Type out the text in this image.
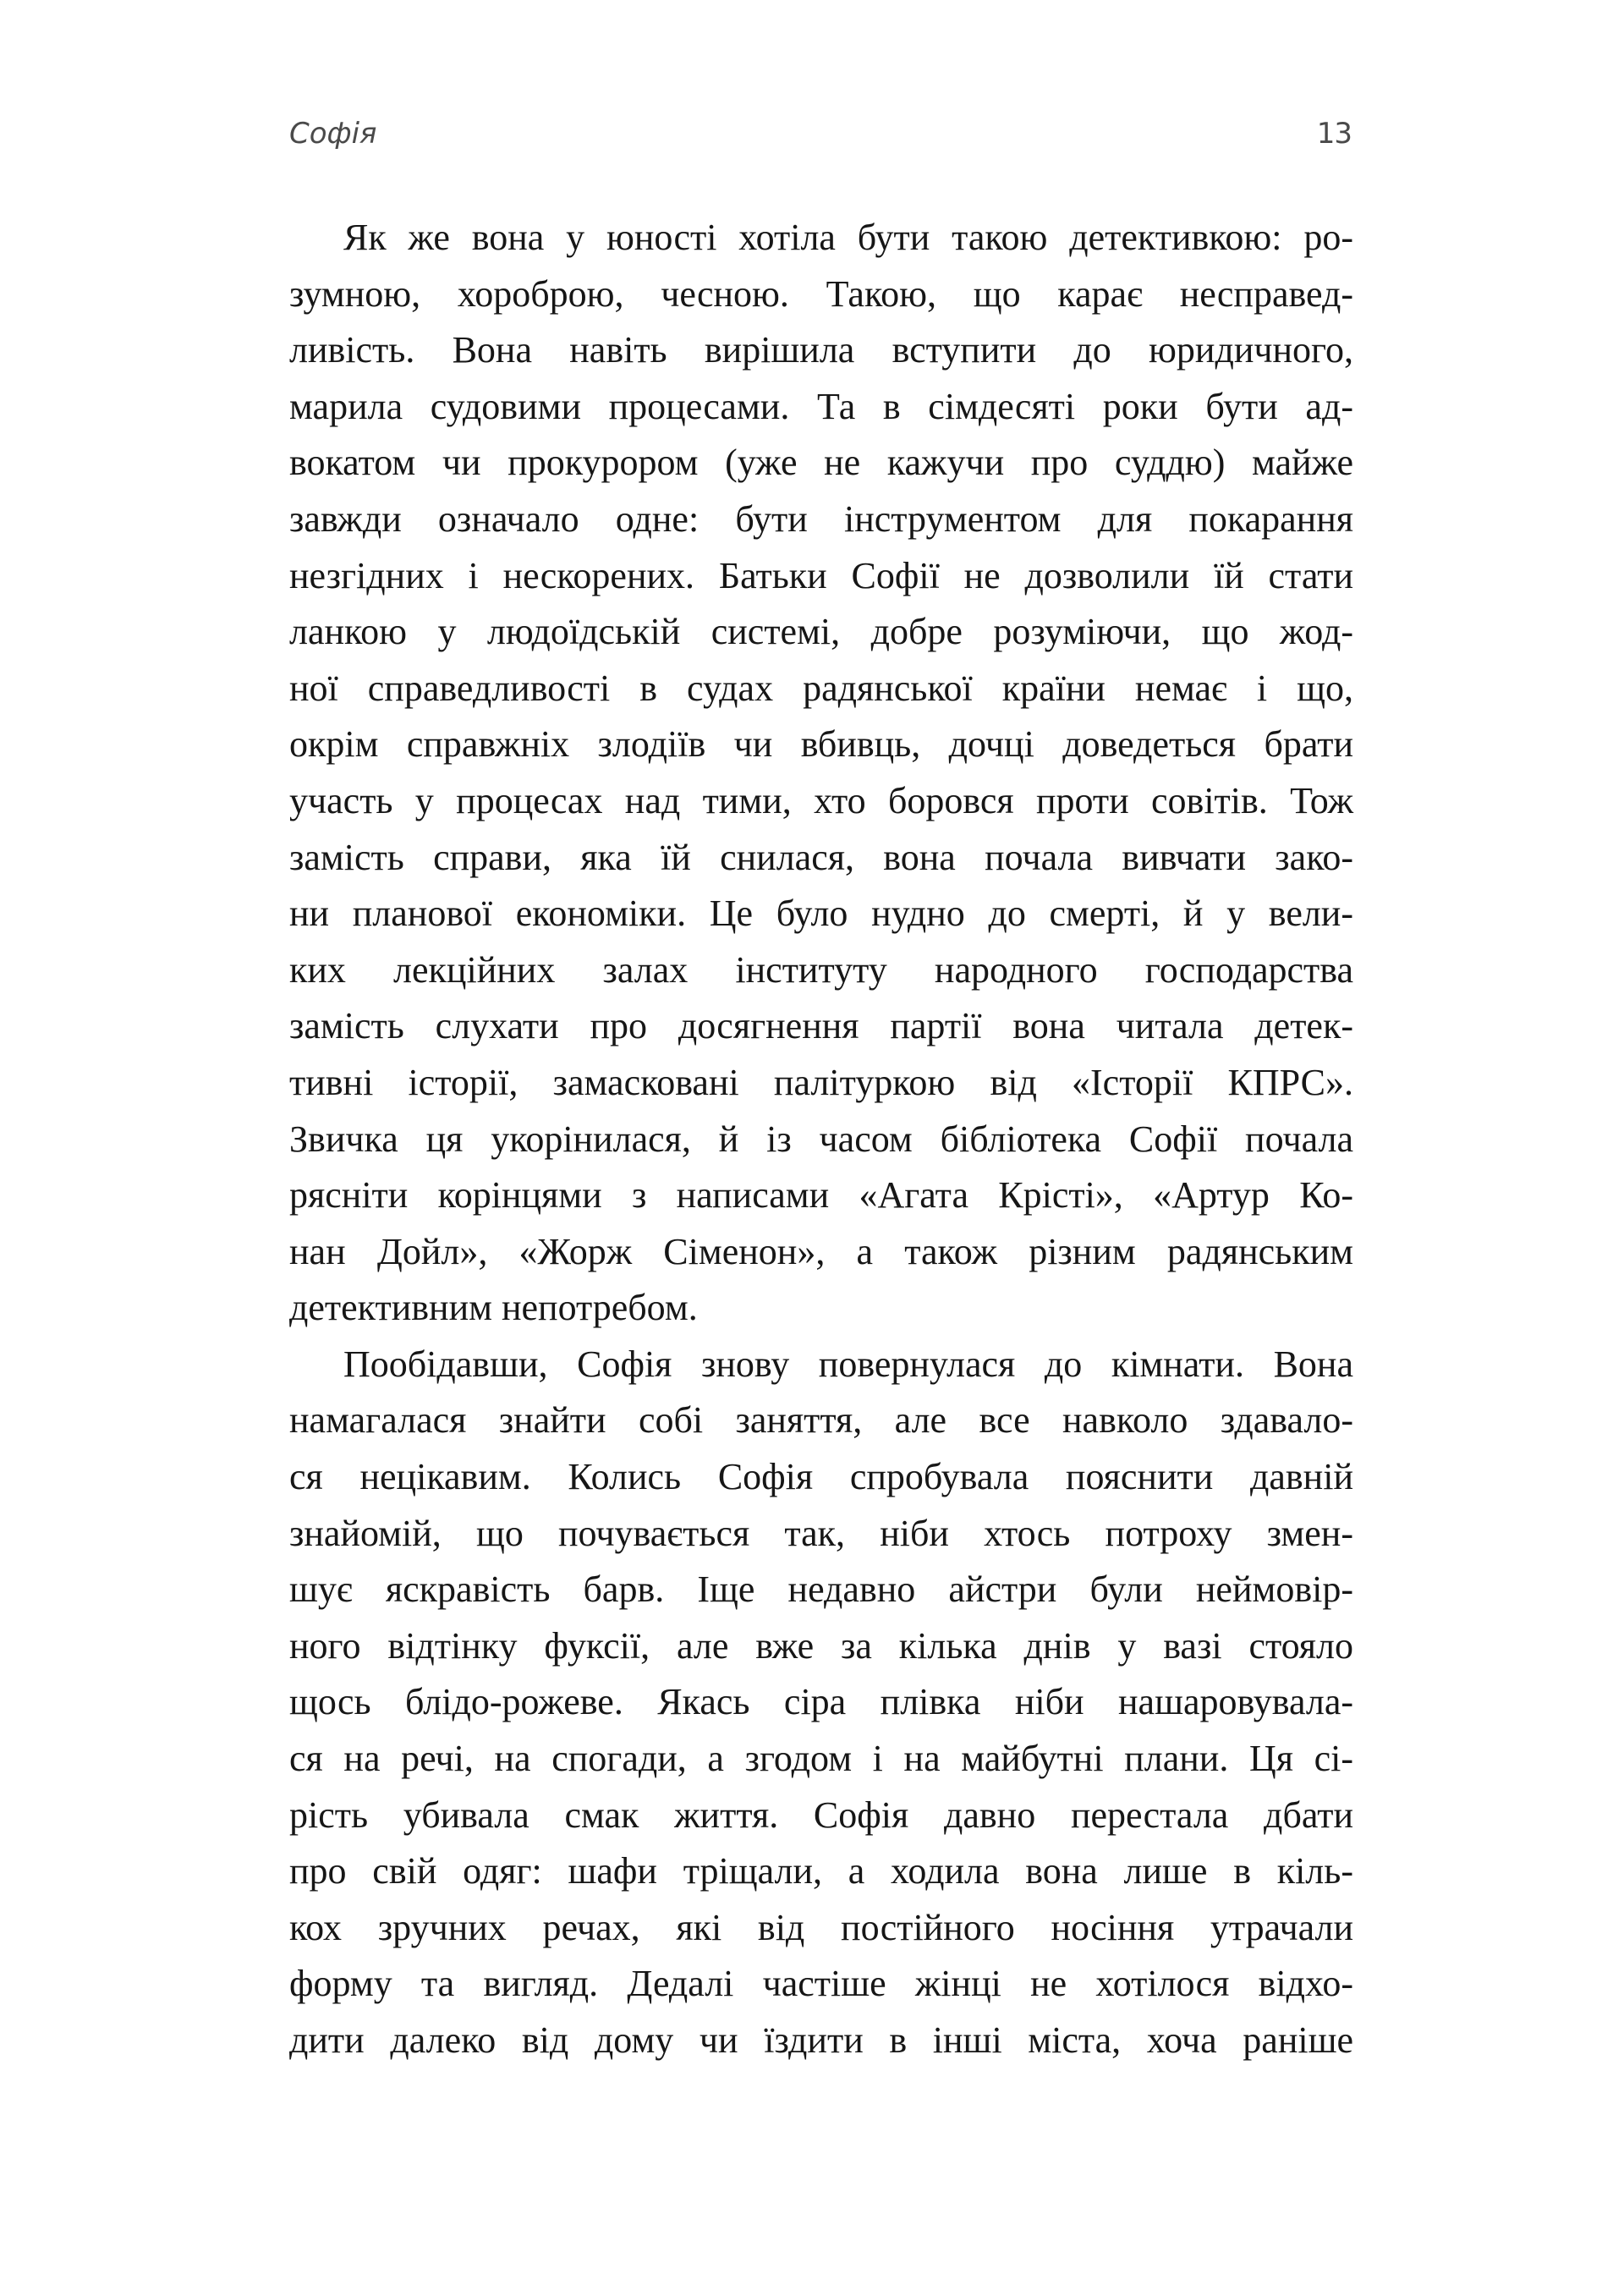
Софія	13
Як же вона у юності хотіла бути такою детективкою: ро-
зумною, хороброю, чесною. Такою, що карає несправед-
ливість. Вона навіть вирішила вступити до юридичного,
марила судовими процесами. Та в сімдесяті роки бути ад-
вокатом чи прокурором (уже не кажучи про суддю) майже
завжди означало одне: бути інструментом для покарання
незгідних і нескорених. Батьки Софії не дозволили їй стати
ланкою у людоїдській системі, добре розуміючи, що жод-
ної справедливості в судах радянської країни немає і що,
окрім справжніх злодіїв чи вбивць, дочці доведеться брати
участь у процесах над тими, хто боровся проти совітів. Тож
замість справи, яка їй снилася, вона почала вивчати зако-
ни планової економіки. Це було нудно до смерті, й у вели-
ких лекційних залах інституту народного господарства
замість слухати про досягнення партії вона читала детек-
тивні історії, замасковані палітуркою від «Історії КПРС».
Звичка ця укорінилася, й із часом бібліотека Софії почала
рясніти корінцями з написами «Агата Крісті», «Артур Ко-
нан Дойл», «Жорж Сіменон», а також різним радянським
детективним непотребом.
Пообідавши, Софія знову повернулася до кімнати. Вона
намагалася знайти собі заняття, але все навколо здавало-
ся нецікавим. Колись Софія спробувала пояснити давній
знайомій, що почувається так, ніби хтось потроху змен-
шує яскравість барв. Іще недавно айстри були неймовір-
ного відтінку фуксії, але вже за кілька днів у вазі стояло
щось блідо-рожеве. Якась сіра плівка ніби нашаровувала-
ся на речі, на спогади, а згодом і на майбутні плани. Ця сі-
рість убивала смак життя. Софія давно перестала дбати
про свій одяг: шафи тріщали, а ходила вона лише в кіль-
кох зручних речах, які від постійного носіння утрачали
форму та вигляд. Дедалі частіше жінці не хотілося відхо-
дити далеко від дому чи їздити в інші міста, хоча раніше
